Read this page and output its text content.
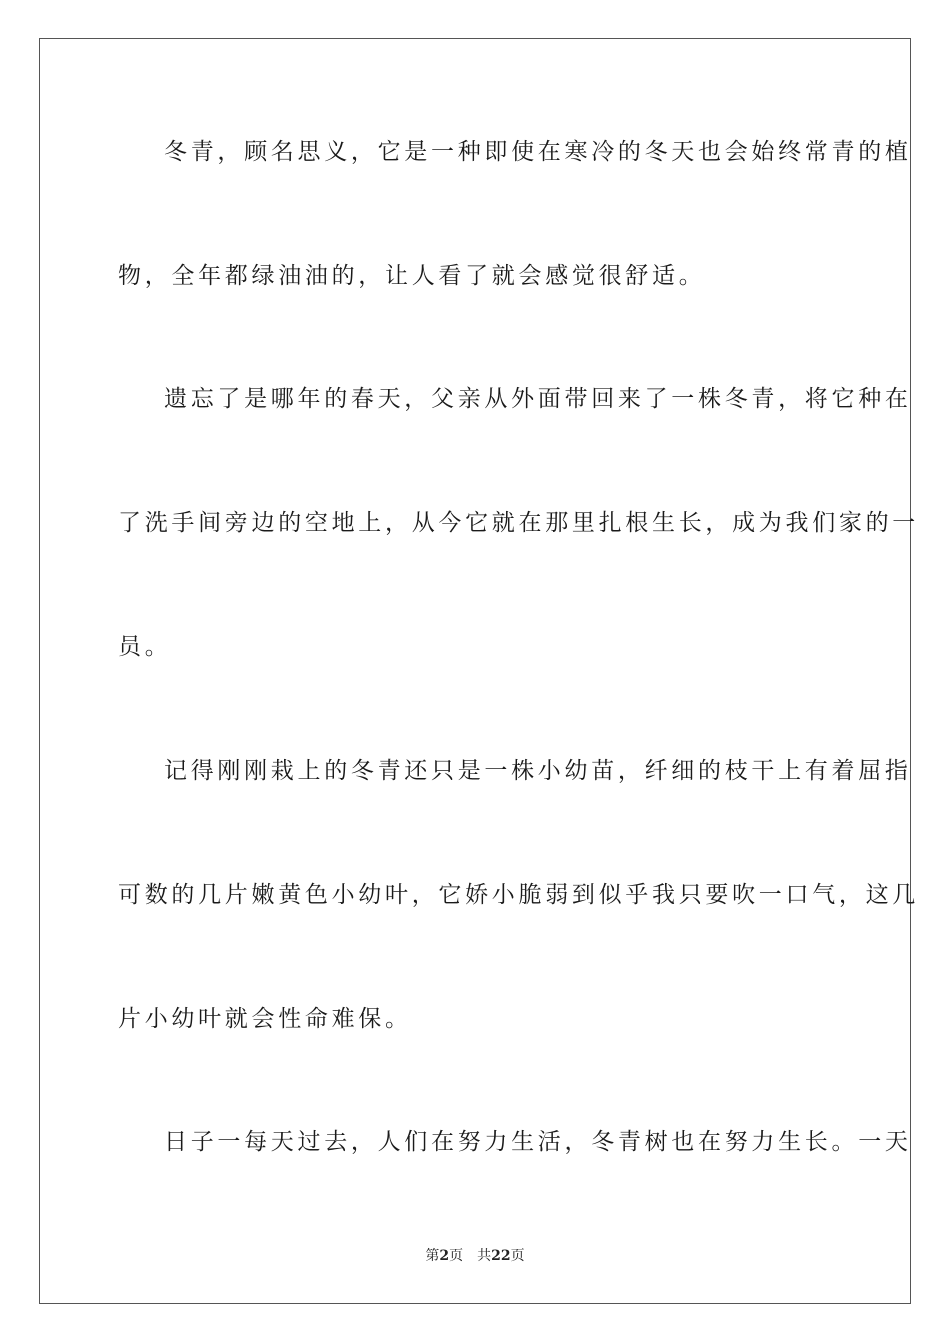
冬青，顾名思义，它是一种即使在寒冷的冬天也会始终常青的植
物，全年都绿油油的，让人看了就会感觉很舒适。
遗忘了是哪年的春天，父亲从外面带回来了一株冬青，将它种在
了洗手间旁边的空地上，从今它就在那里扎根生长，成为我们家的一
员。
记得刚刚栽上的冬青还只是一株小幼苗，纤细的枝干上有着屈指
可数的几片嫩黄色小幼叶，它娇小脆弱到似乎我只要吹一口气，这几
片小幼叶就会性命难保。
日子一每天过去，人们在努力生活，冬青树也在努力生长。一天
第2页 共22页
